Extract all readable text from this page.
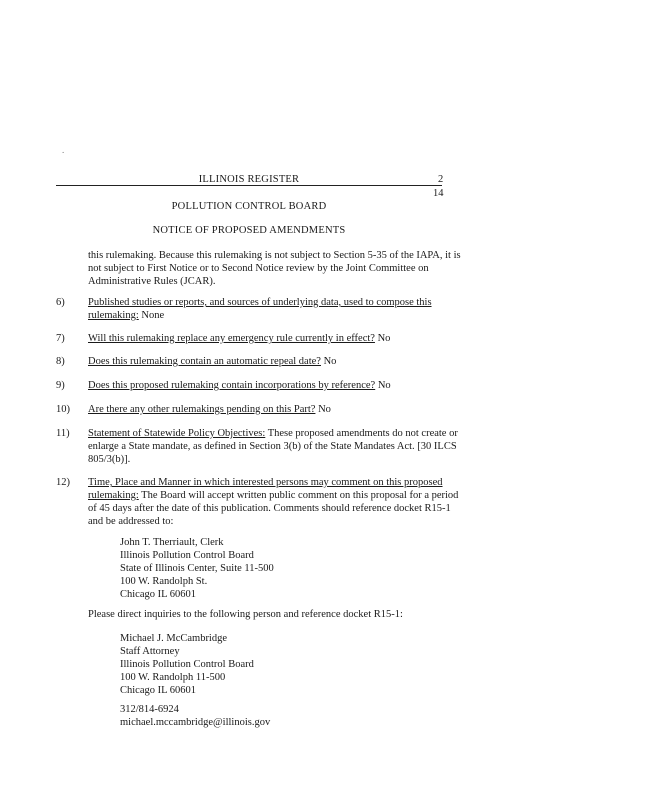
.
ILLINOIS REGISTER	2
14
POLLUTION CONTROL BOARD
NOTICE OF PROPOSED AMENDMENTS

this rulemaking. Because this rulemaking is not subject to Section 5-35 of the IAPA, it is not subject to First Notice or to Second Notice review by the Joint Committee on Administrative Rules (JCAR).

6)	Published studies or reports, and sources of underlying data, used to compose this rulemaking: None
7)	Will this rulemaking replace any emergency rule currently in effect? No
8)	Does this rulemaking contain an automatic repeal date? No
9)	Does this proposed rulemaking contain incorporations by reference? No
10)	Are there any other rulemakings pending on this Part? No
11)	Statement of Statewide Policy Objectives: These proposed amendments do not create or enlarge a State mandate, as defined in Section 3(b) of the State Mandates Act. [30 ILCS 805/3(b)].
12)	Time, Place and Manner in which interested persons may comment on this proposed rulemaking: The Board will accept written public comment on this proposal for a period of 45 days after the date of this publication. Comments should reference docket R15-1 and be addressed to:
John T. Therriault, Clerk
Illinois Pollution Control Board
State of Illinois Center, Suite 11-500
100 W. Randolph St.
Chicago IL 60601
Please direct inquiries to the following person and reference docket R15-1:
Michael J. McCambridge
Staff Attorney
Illinois Pollution Control Board
100 W. Randolph 11-500
Chicago IL 60601
312/814-6924
michael.mccambridge@illinois.gov
